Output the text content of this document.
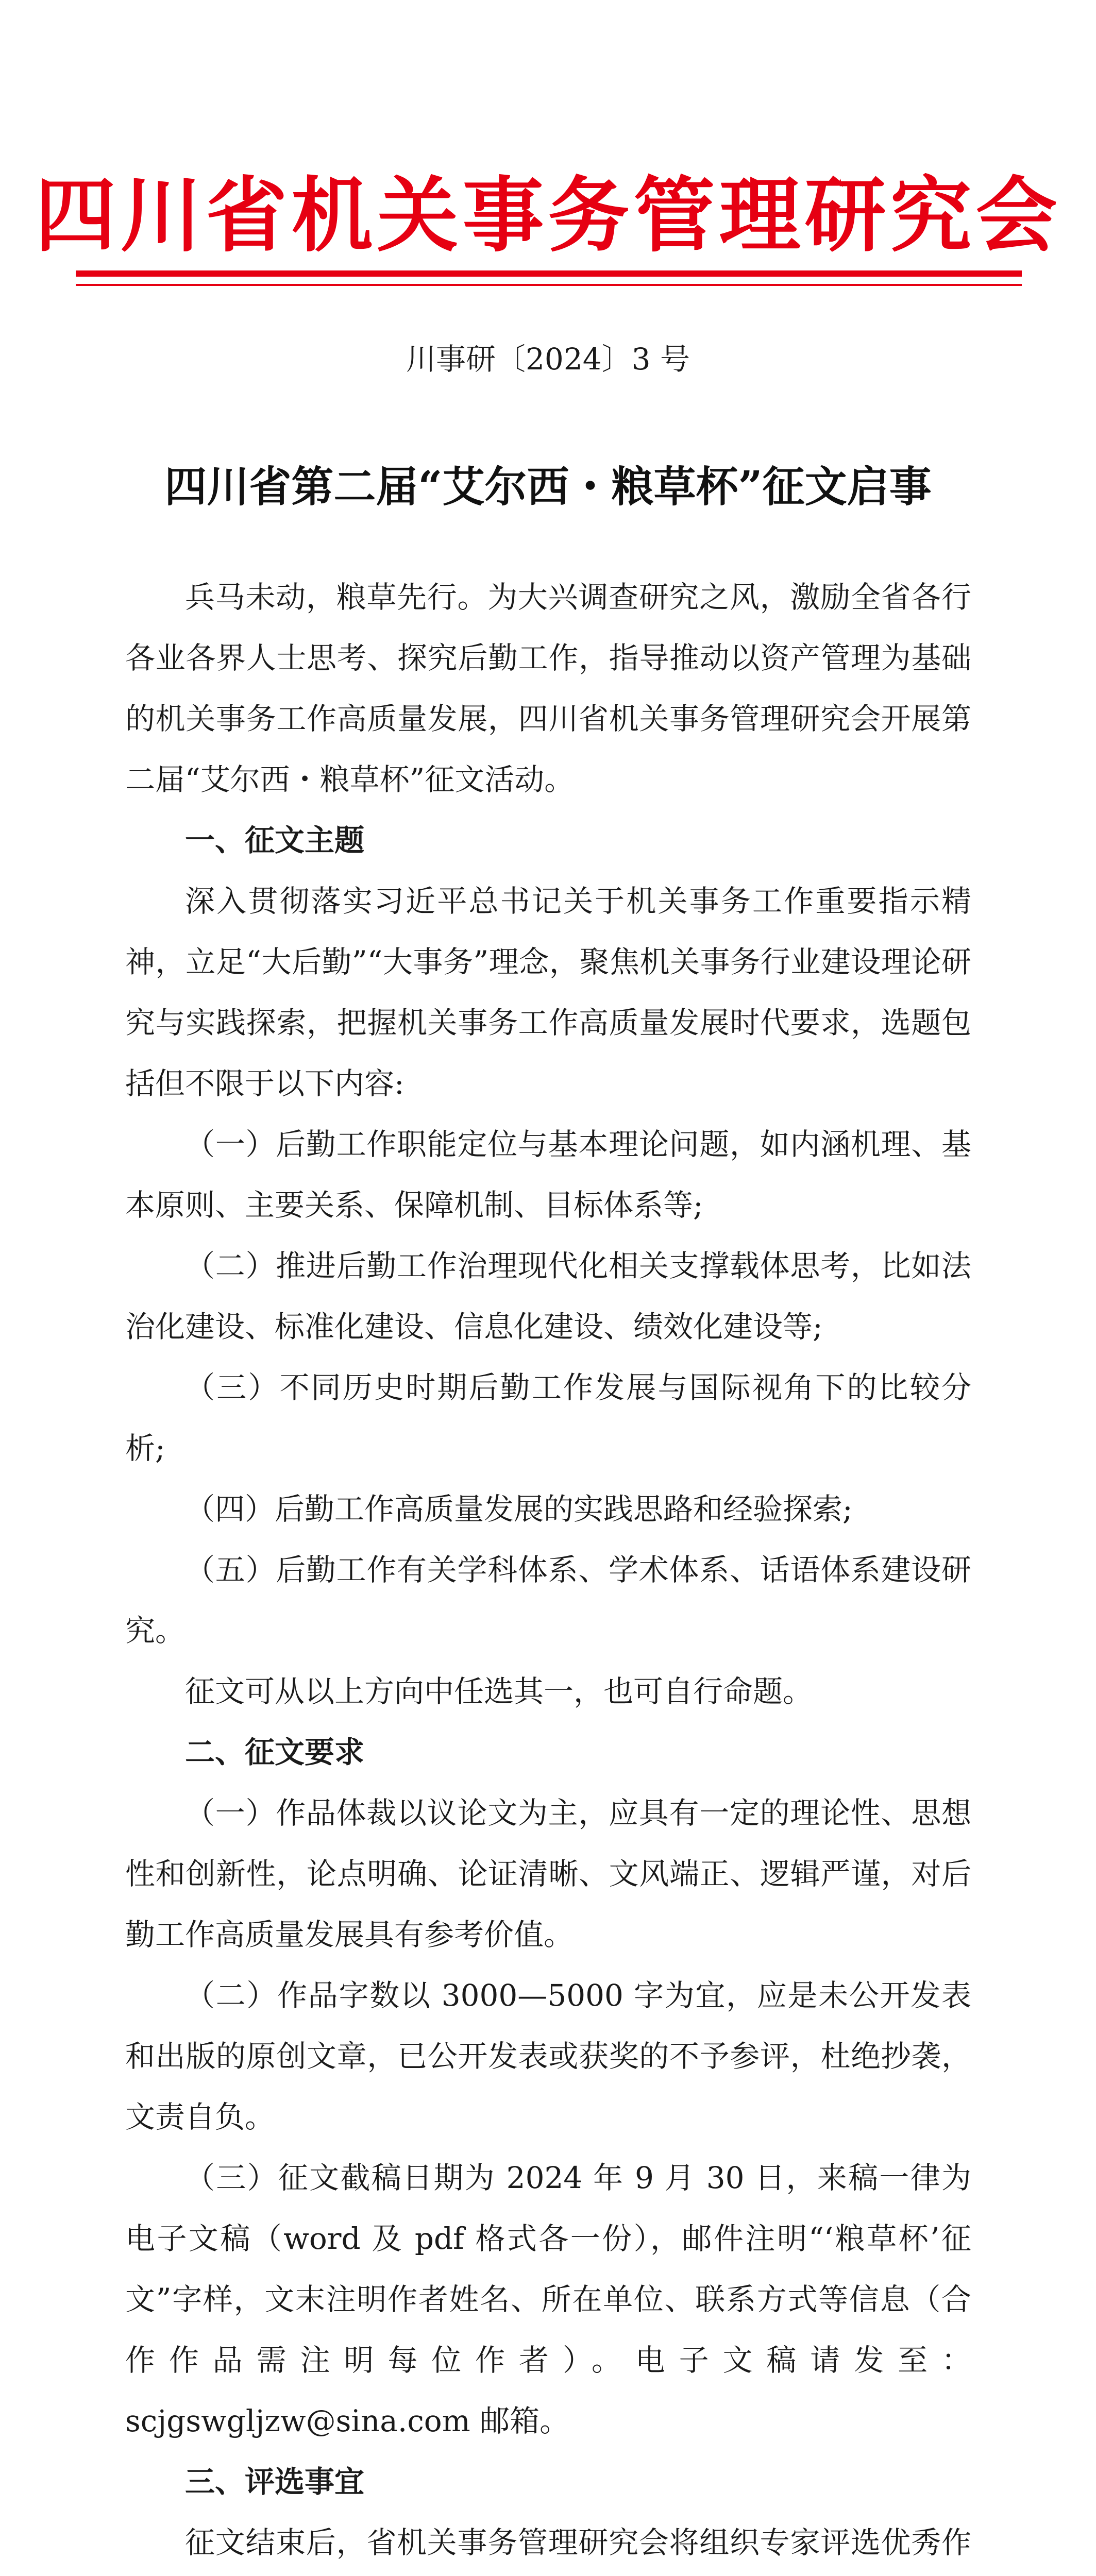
四川省机关事务管理研究会
川事研〔2024〕3 号
四川省第二届“艾尔西・粮草杯”征文启事

兵马未动，粮草先行。为大兴调查研究之风，激励全省各行各业各界人士思考、探究后勤工作，指导推动以资产管理为基础的机关事务工作高质量发展，四川省机关事务管理研究会开展第二届“艾尔西・粮草杯”征文活动。

一、征文主题

深入贯彻落实习近平总书记关于机关事务工作重要指示精神，立足“大后勤”“大事务”理念，聚焦机关事务行业建设理论研究与实践探索，把握机关事务工作高质量发展时代要求，选题包括但不限于以下内容:

（一）后勤工作职能定位与基本理论问题，如内涵机理、基本原则、主要关系、保障机制、目标体系等;

（二）推进后勤工作治理现代化相关支撑载体思考，比如法治化建设、标准化建设、信息化建设、绩效化建设等;

（三）不同历史时期后勤工作发展与国际视角下的比较分析;

（四）后勤工作高质量发展的实践思路和经验探索;

（五）后勤工作有关学科体系、学术体系、话语体系建设研究。

征文可从以上方向中任选其一，也可自行命题。

二、征文要求

（一）作品体裁以议论文为主，应具有一定的理论性、思想性和创新性，论点明确、论证清晰、文风端正、逻辑严谨，对后勤工作高质量发展具有参考价值。

（二）作品字数以 3000—5000 字为宜，应是未公开发表和出版的原创文章，已公开发表或获奖的不予参评，杜绝抄袭，文责自负。

（三）征文截稿日期为 2024 年 9 月 30 日，来稿一律为电子文稿（word 及 pdf 格式各一份），邮件注明“‘粮草杯’征文”字样，文末注明作者姓名、所在单位、联系方式等信息（合作作品需注明每位作者）。电子文稿请发至：scjgswgljzw@sina.com 邮箱。

三、评选事宜

征文结束后，省机关事务管理研究会将组织专家评选优秀作
